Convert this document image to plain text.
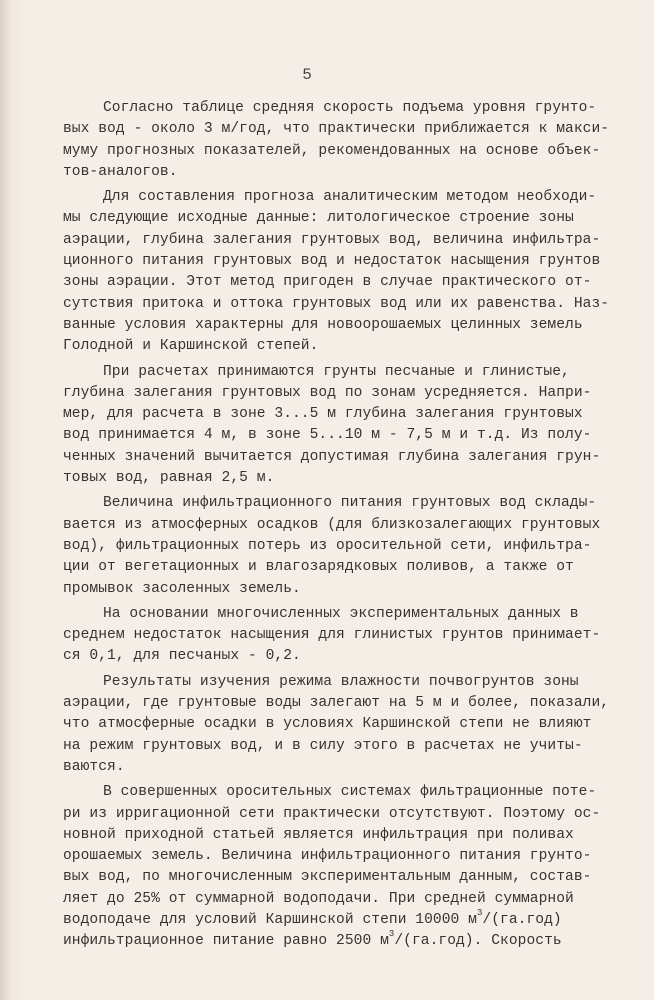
5
Согласно таблице средняя скорость подъема уровня грунто-
вых вод - около 3 м/год, что практически приближается к макси-
муму прогнозных показателей, рекомендованных на основе объек-
тов-аналогов.
Для составления прогноза аналитическим методом необходи-
мы следующие исходные данные: литологическое строение зоны
аэрации, глубина залегания грунтовых вод, величина инфильтра-
ционного питания грунтовых вод и недостаток насыщения грунтов
зоны аэрации. Этот метод пригоден в случае практического от-
сутствия притока и оттока грунтовых вод или их равенства. Наз-
ванные условия характерны для новоорошаемых целинных земель
Голодной и Каршинской степей.
При расчетах принимаются грунты песчаные и глинистые,
глубина залегания грунтовых вод по зонам усредняется. Напри-
мер, для расчета в зоне 3...5 м глубина залегания грунтовых
вод принимается 4 м, в зоне 5...10 м - 7,5 м и т.д. Из полу-
ченных значений вычитается допустимая глубина залегания грун-
товых вод, равная 2,5 м.
Величина инфильтрационного питания грунтовых вод склады-
вается из атмосферных осадков (для близкозалегающих грунтовых
вод), фильтрационных потерь из оросительной сети, инфильтра-
ции от вегетационных и влагозарядковых поливов, а также от
промывок засоленных земель.
На основании многочисленных экспериментальных данных в
среднем недостаток насыщения для глинистых грунтов принимает-
ся 0,1, для песчаных - 0,2.
Результаты изучения режима влажности почвогрунтов зоны
аэрации, где грунтовые воды залегают на 5 м и более, показали,
что атмосферные осадки в условиях Каршинской степи не влияют
на режим грунтовых вод, и в силу этого в расчетах не учиты-
ваются.
В совершенных оросительных системах фильтрационные поте-
ри из ирригационной сети практически отсутствуют. Поэтому ос-
новной приходной статьей является инфильтрация при поливах
орошаемых земель. Величина инфильтрационного питания грунто-
вых вод, по многочисленным экспериментальным данным, состав-
ляет до 25% от суммарной водоподачи. При средней суммарной
водоподаче для условий Каршинской степи 10000 $м^3/(га.год)$
инфильтрационное питание равно 2500 $м^3/(га.год)$. Скорость
